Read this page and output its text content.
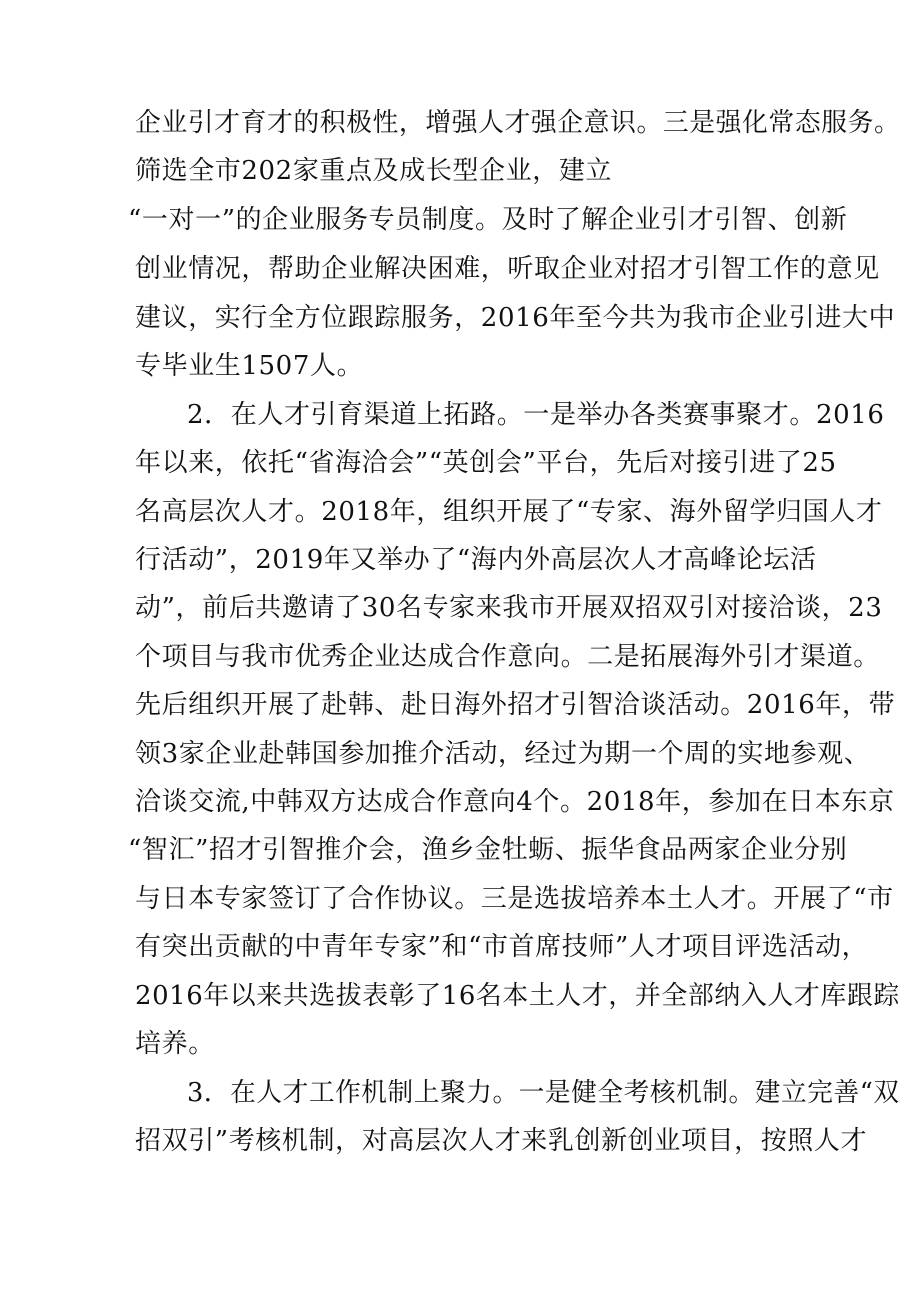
企业引才育才的积极性，增强人才强企意识。三是强化常态服务。
筛选全市202家重点及成长型企业，建立
“一对一”的企业服务专员制度。及时了解企业引才引智、创新
创业情况，帮助企业解决困难，听取企业对招才引智工作的意见
建议，实行全方位跟踪服务，2016年至今共为我市企业引进大中
专毕业生1507人。
2．在人才引育渠道上拓路。一是举办各类赛事聚才。2016
年以来，依托“省海洽会”“英创会”平台，先后对接引进了25
名高层次人才。2018年，组织开展了“专家、海外留学归国人才
行活动”，2019年又举办了“海内外高层次人才高峰论坛活
动”，前后共邀请了30名专家来我市开展双招双引对接洽谈，23
个项目与我市优秀企业达成合作意向。二是拓展海外引才渠道。
先后组织开展了赴韩、赴日海外招才引智洽谈活动。2016年，带
领3家企业赴韩国参加推介活动，经过为期一个周的实地参观、
洽谈交流,中韩双方达成合作意向4个。2018年，参加在日本东京
“智汇”招才引智推介会，渔乡金牡蛎、振华食品两家企业分别
与日本专家签订了合作协议。三是选拔培养本土人才。开展了“市
有突出贡献的中青年专家”和“市首席技师”人才项目评选活动，
2016年以来共选拔表彰了16名本土人才，并全部纳入人才库跟踪
培养。
3．在人才工作机制上聚力。一是健全考核机制。建立完善“双
招双引”考核机制，对高层次人才来乳创新创业项目，按照人才
